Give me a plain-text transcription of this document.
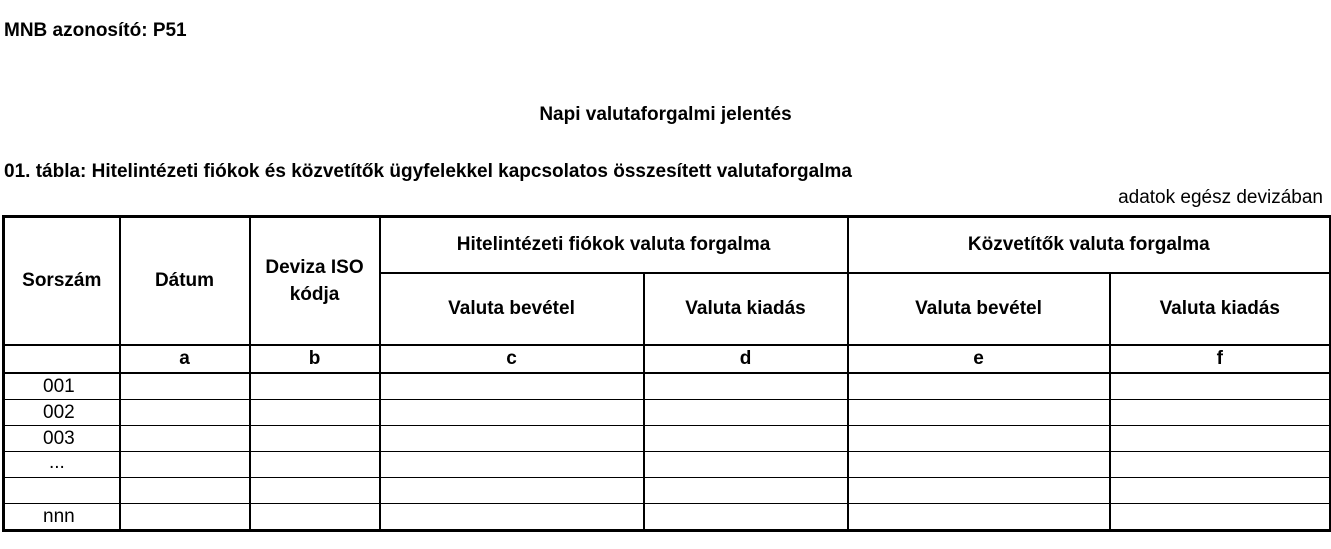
MNB azonosító: P51
Napi valutaforgalmi jelentés
01. tábla: Hitelintézeti fiókok és közvetítők ügyfelekkel kapcsolatos összesített valutaforgalma
adatok egész devizában
Sorszám	Dátum	Deviza ISO kódja	Hitelintézeti fiókok valuta forgalma		Közvetítők valuta forgalma	
			Valuta bevétel	Valuta kiadás	Valuta bevétel	Valuta kiadás
	a	b	c	d	e	f
001						
002						
003						
...						

nnn						
